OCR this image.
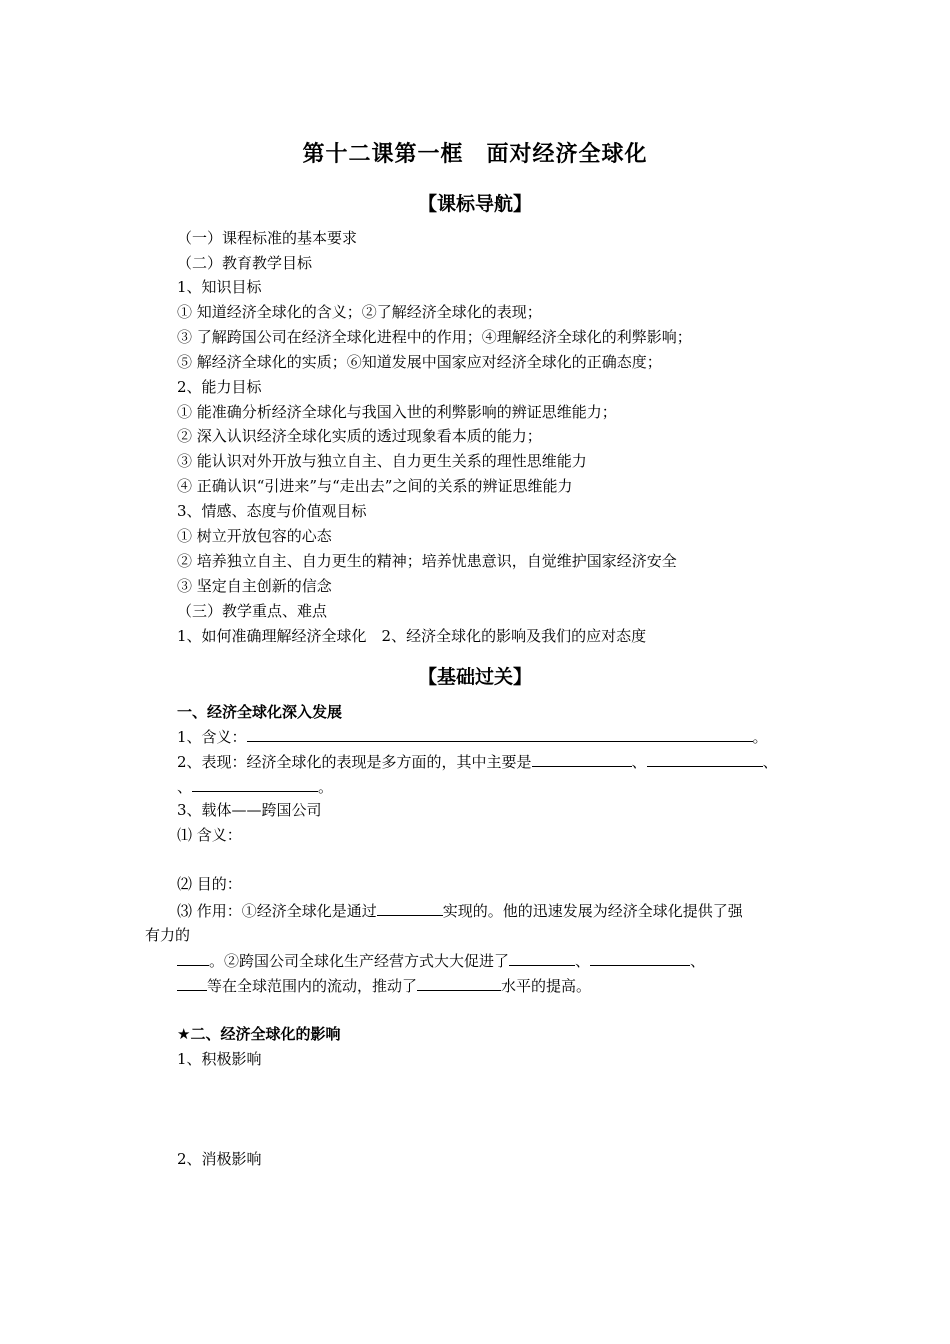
第十二课第一框　面对经济全球化
【课标导航】
（一）课程标准的基本要求
（二）教育教学目标
1、知识目标
① 知道经济全球化的含义；②了解经济全球化的表现；
③ 了解跨国公司在经济全球化进程中的作用；④理解经济全球化的利弊影响；
⑤ 解经济全球化的实质；⑥知道发展中国家应对经济全球化的正确态度；
2、能力目标
① 能准确分析经济全球化与我国入世的利弊影响的辨证思维能力；
② 深入认识经济全球化实质的透过现象看本质的能力；
③ 能认识对外开放与独立自主、自力更生关系的理性思维能力
④ 正确认识“引进来”与“走出去”之间的关系的辨证思维能力
3、情感、态度与价值观目标
① 树立开放包容的心态
② 培养独立自主、自力更生的精神；培养忧患意识，自觉维护国家经济安全
③ 坚定自主创新的信念
（三）教学重点、难点
1、如何准确理解经济全球化　2、经济全球化的影响及我们的应对态度
【基础过关】
一、经济全球化深入发展
1、含义：	。
2、表现：经济全球化的表现是多方面的，其中主要是	、	、
、	。
3、载体——跨国公司
⑴ 含义：
⑵ 目的：
⑶ 作用：①经济全球化是通过	实现的。他的迅速发展为经济全球化提供了强
有力的
。②跨国公司全球化生产经营方式大大促进了	、	、
等在全球范围内的流动，推动了	水平的提高。
★二、经济全球化的影响
1、积极影响
2、消极影响
